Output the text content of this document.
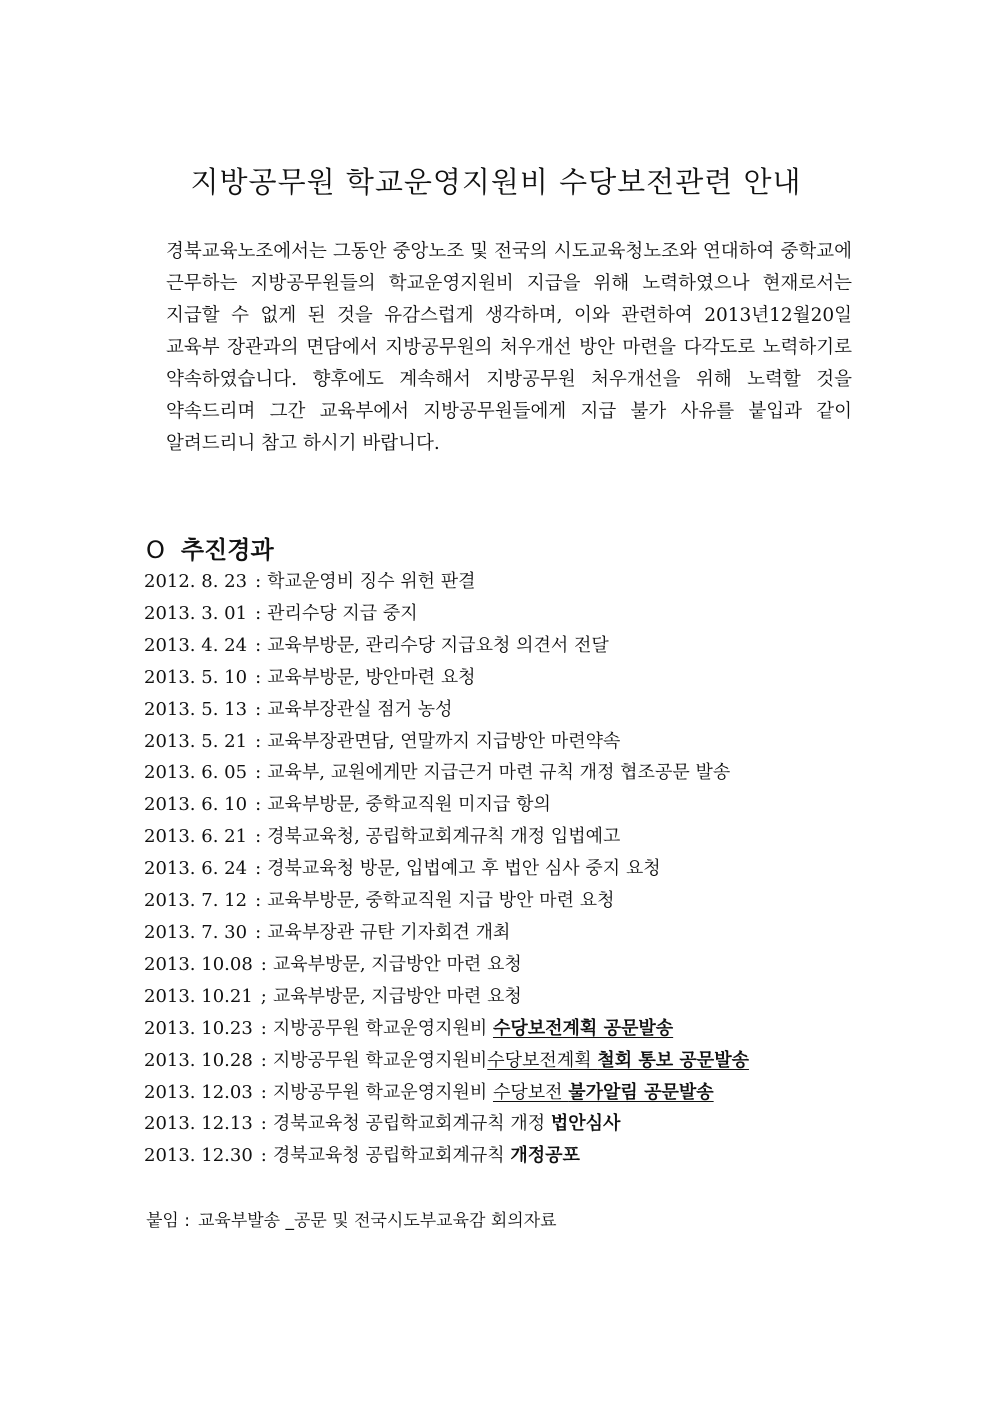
지방공무원 학교운영지원비 수당보전관련 안내
경북교육노조에서는 그동안 중앙노조 및 전국의 시도교육청노조와 연대하여 중학교에 근무하는 지방공무원들의 학교운영지원비 지급을 위해 노력하였으나 현재로서는 지급할 수 없게 된 것을 유감스럽게 생각하며, 이와 관련하여 2013년12월20일 교육부 장관과의 면담에서 지방공무원의 처우개선 방안 마련을 다각도로 노력하기로 약속하였습니다. 향후에도 계속해서 지방공무원 처우개선을 위해 노력할 것을 약속드리며 그간 교육부에서 지방공무원들에게 지급 불가 사유를 붙입과 같이 알려드리니 참고 하시기 바랍니다.
O 추진경과
2012. 8. 23 : 학교운영비 징수 위헌 판결
2013. 3. 01 : 관리수당 지급 중지
2013. 4. 24 : 교육부방문, 관리수당 지급요청 의견서 전달
2013. 5. 10 : 교육부방문, 방안마련 요청
2013. 5. 13 : 교육부장관실 점거 농성
2013. 5. 21 : 교육부장관면담, 연말까지 지급방안 마련약속
2013. 6. 05 : 교육부, 교원에게만 지급근거 마련 규칙 개정 협조공문 발송
2013. 6. 10 : 교육부방문, 중학교직원 미지급 항의
2013. 6. 21 : 경북교육청, 공립학교회계규칙 개정 입법예고
2013. 6. 24 : 경북교육청 방문, 입법예고 후 법안 심사 중지 요청
2013. 7. 12 : 교육부방문, 중학교직원 지급 방안 마련 요청
2013. 7. 30 : 교육부장관 규탄 기자회견 개최
2013. 10.08 : 교육부방문, 지급방안 마련 요청
2013. 10.21 ; 교육부방문, 지급방안 마련 요청
2013. 10.23 : 지방공무원 학교운영지원비 수당보전계획 공문발송
2013. 10.28 : 지방공무원 학교운영지원비수당보전계획 철회 통보 공문발송
2013. 12.03 : 지방공무원 학교운영지원비 수당보전 불가알림 공문발송
2013. 12.13 : 경북교육청 공립학교회계규칙 개정 법안심사
2013. 12.30 : 경북교육청 공립학교회계규칙 개정공포
붙임 : 교육부발송 _공문 및 전국시도부교육감 회의자료
